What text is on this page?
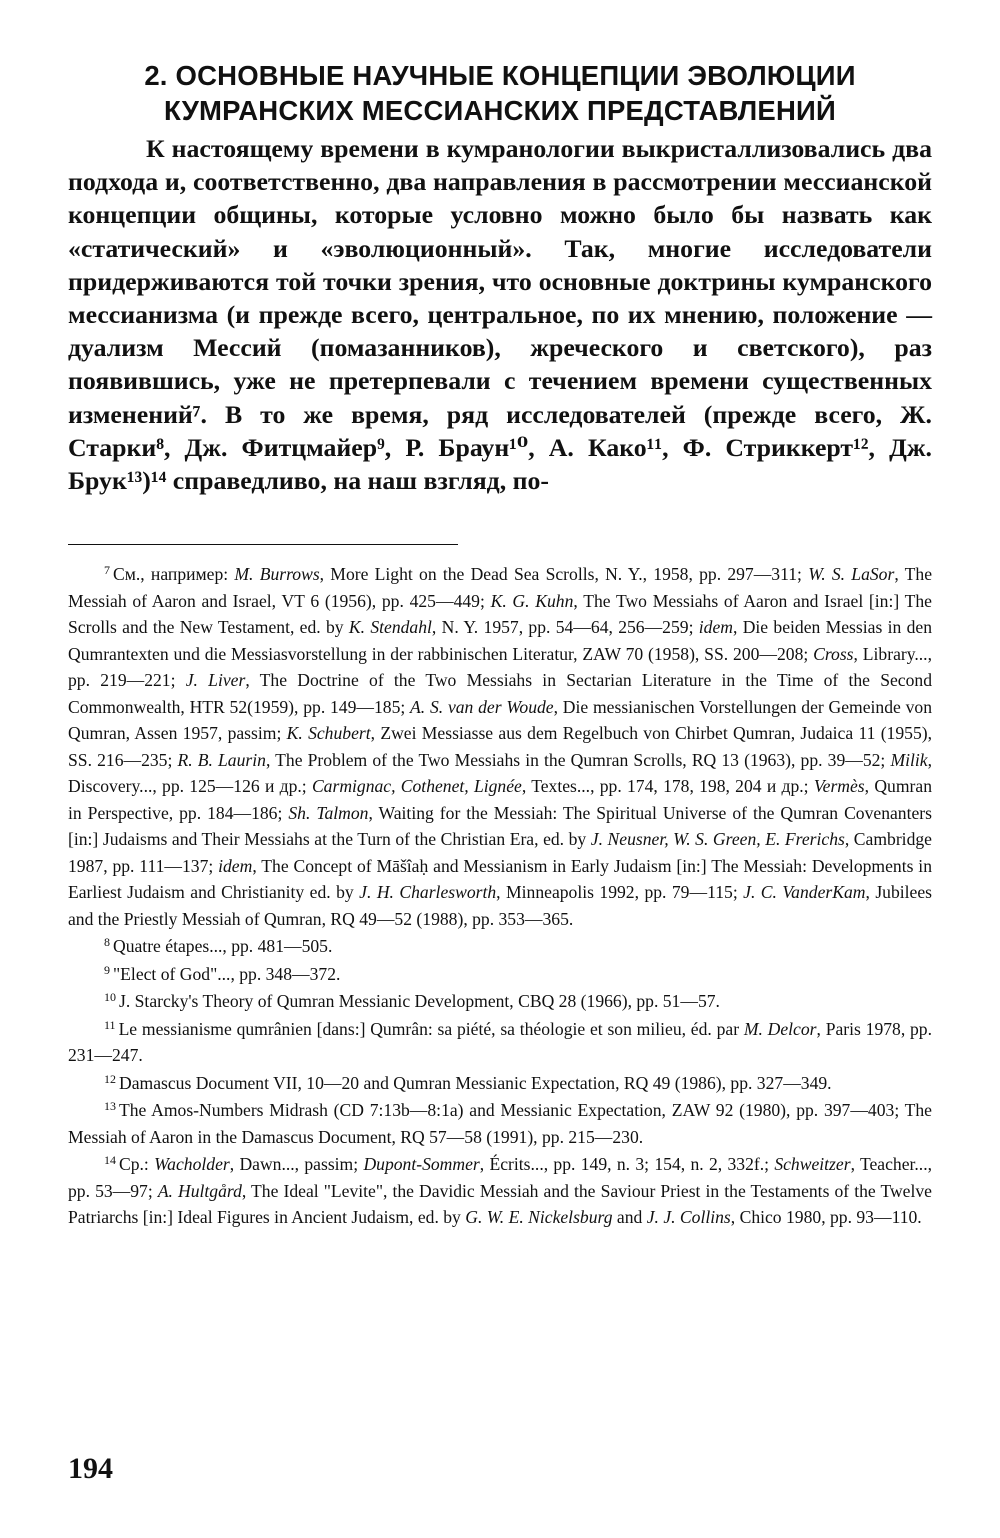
2. ОСНОВНЫЕ НАУЧНЫЕ КОНЦЕПЦИИ ЭВОЛЮЦИИ
КУМРАНСКИХ МЕССИАНСКИХ ПРЕДСТАВЛЕНИЙ

К настоящему времени в кумранологии выкристаллизовались два подхода и, соответственно, два направления в рассмотрении мессианской концепции общины, которые условно можно было бы назвать как «статический» и «эволюционный». Так, многие исследователи придерживаются той точки зрения, что основные доктрины кумранского мессианизма (и прежде всего, центральное, по их мнению, положение — дуализм Мессий (помазанников), жреческого и светского), раз появившись, уже не претерпевали с течением времени существенных изменений⁷. В то же время, ряд исследователей (прежде всего, Ж. Старки⁸, Дж. Фитцмайер⁹, Р. Браун¹⁰, А. Како¹¹, Ф. Стриккерт¹², Дж. Брук¹³)¹⁴ справедливо, на наш взгляд, по-

$^7$ См., например: M. Burrows, More Light on the Dead Sea Scrolls, N. Y., 1958, pp. 297—311; W. S. LaSor, The Messiah of Aaron and Israel, VT 6 (1956), pp. 425—449; K. G. Kuhn, The Two Messiahs of Aaron and Israel [in:] The Scrolls and the New Testament, ed. by K. Stendahl, N. Y. 1957, pp. 54—64, 256—259; idem, Die beiden Messias in den Qumrantexten und die Messiasvorstellung in der rabbinischen Literatur, ZAW 70 (1958), SS. 200—208; Cross, Library..., pp. 219—221; J. Liver, The Doctrine of the Two Messiahs in Sectarian Literature in the Time of the Second Commonwealth, HTR 52(1959), pp. 149—185; A. S. van der Woude, Die messianischen Vorstellungen der Gemeinde von Qumran, Assen 1957, passim; K. Schubert, Zwei Messiasse aus dem Regelbuch von Chirbet Qumran, Judaica 11 (1955), SS. 216—235; R. B. Laurin, The Problem of the Two Messiahs in the Qumran Scrolls, RQ 13 (1963), pp. 39—52; Milik, Discovery..., pp. 125—126 и др.; Carmignac, Cothenet, Lignée, Textes..., pp. 174, 178, 198, 204 и др.; Vermès, Qumran in Perspective, pp. 184—186; Sh. Talmon, Waiting for the Messiah: The Spiritual Universe of the Qumran Covenanters [in:] Judaisms and Their Messiahs at the Turn of the Christian Era, ed. by J. Neusner, W. S. Green, E. Frerichs, Cambridge 1987, pp. 111—137; idem, The Concept of Māšîaḥ and Messianism in Early Judaism [in:] The Messiah: Developments in Earliest Judaism and Christianity ed. by J. H. Charlesworth, Minneapolis 1992, pp. 79—115; J. C. VanderKam, Jubilees and the Priestly Messiah of Qumran, RQ 49—52 (1988), pp. 353—365.

$^8$ Quatre étapes..., pp. 481—505.

$^9$ "Elect of God"..., pp. 348—372.

$^{10}$ J. Starcky's Theory of Qumran Messianic Development, CBQ 28 (1966), pp. 51—57.

$^{11}$ Le messianisme qumrânien [dans:] Qumrân: sa piété, sa théologie et son milieu, éd. par M. Delcor, Paris 1978, pp. 231—247.

$^{12}$ Damascus Document VII, 10—20 and Qumran Messianic Expectation, RQ 49 (1986), pp. 327—349.

$^{13}$ The Amos-Numbers Midrash (CD 7:13b—8:1a) and Messianic Expectation, ZAW 92 (1980), pp. 397—403; The Messiah of Aaron in the Damascus Document, RQ 57—58 (1991), pp. 215—230.

$^{14}$ Ср.: Wacholder, Dawn..., passim; Dupont-Sommer, Écrits..., pp. 149, n. 3; 154, n. 2, 332f.; Schweitzer, Teacher..., pp. 53—97; A. Hultgård, The Ideal "Levite", the Davidic Messiah and the Saviour Priest in the Testaments of the Twelve Patriarchs [in:] Ideal Figures in Ancient Judaism, ed. by G. W. E. Nickelsburg and J. J. Collins, Chico 1980, pp. 93—110.

194
